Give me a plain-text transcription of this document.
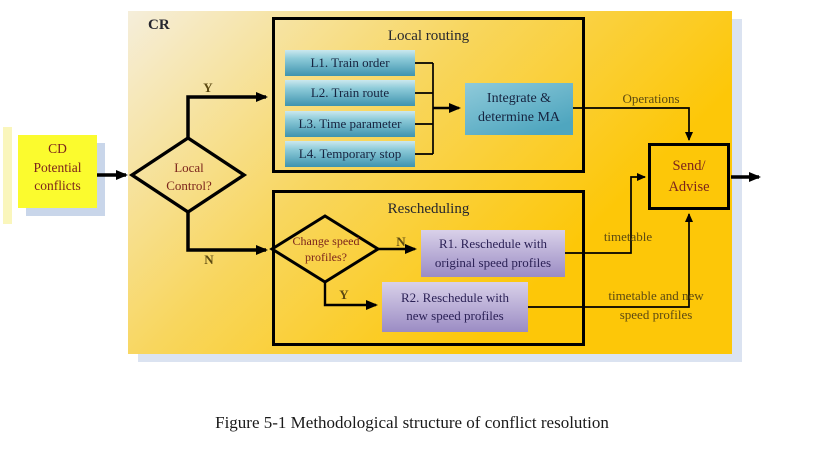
CR
CD
Potential
conflicts
Local routing
L1. Train order
L2. Train route
L3. Time parameter
L4. Temporary stop
Integrate &
determine MA
Rescheduling
R1. Reschedule with
original speed profiles
R2. Reschedule with
new speed profiles
Send/
Advise
Local
Control?
Change speed
profiles?
Y
N
N
Y
Operations
timetable
timetable and new
speed profiles
Figure 5-1 Methodological structure of conflict resolution
